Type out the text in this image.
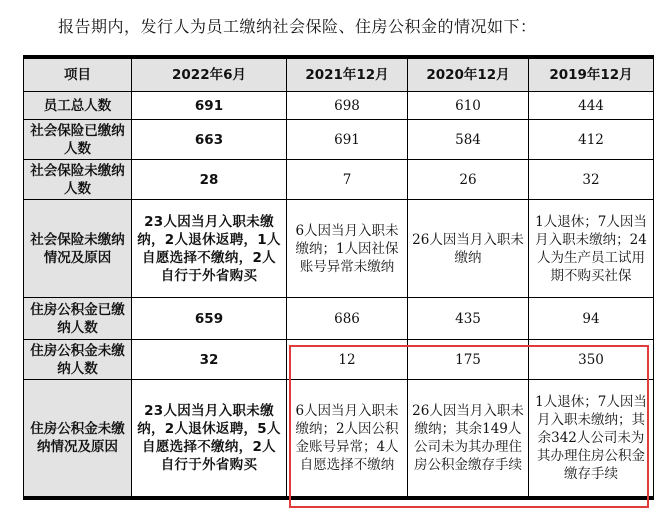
报告期内，发行人为员工缴纳社会保险、住房公积金的情况如下：
项目	2022年6月	2021年12月	2020年12月	2019年12月
员工总人数	691	698	610	444
社会保险已缴纳人数	663	691	584	412
社会保险未缴纳人数	28	7	26	32
社会保险未缴纳情况及原因	23人因当月入职未缴纳，2人退休返聘，1人自愿选择不缴纳，2人自行于外省购买	6人因当月入职未缴纳；1人因社保账号异常未缴纳	26人因当月入职未缴纳	1人退休；7人因当月入职未缴纳；24人为生产员工试用期不购买社保
住房公积金已缴纳人数	659	686	435	94
住房公积金未缴纳人数	32	12	175	350
住房公积金未缴纳情况及原因	23人因当月入职未缴纳，2人退休返聘，5人自愿选择不缴纳，2人自行于外省购买	6人因当月入职未缴纳；2人因公积金账号异常；4人自愿选择不缴纳	26人因当月入职未缴纳；其余149人公司未为其办理住房公积金缴存手续	1人退休；7人因当月入职未缴纳；其余342人公司未为其办理住房公积金缴存手续
